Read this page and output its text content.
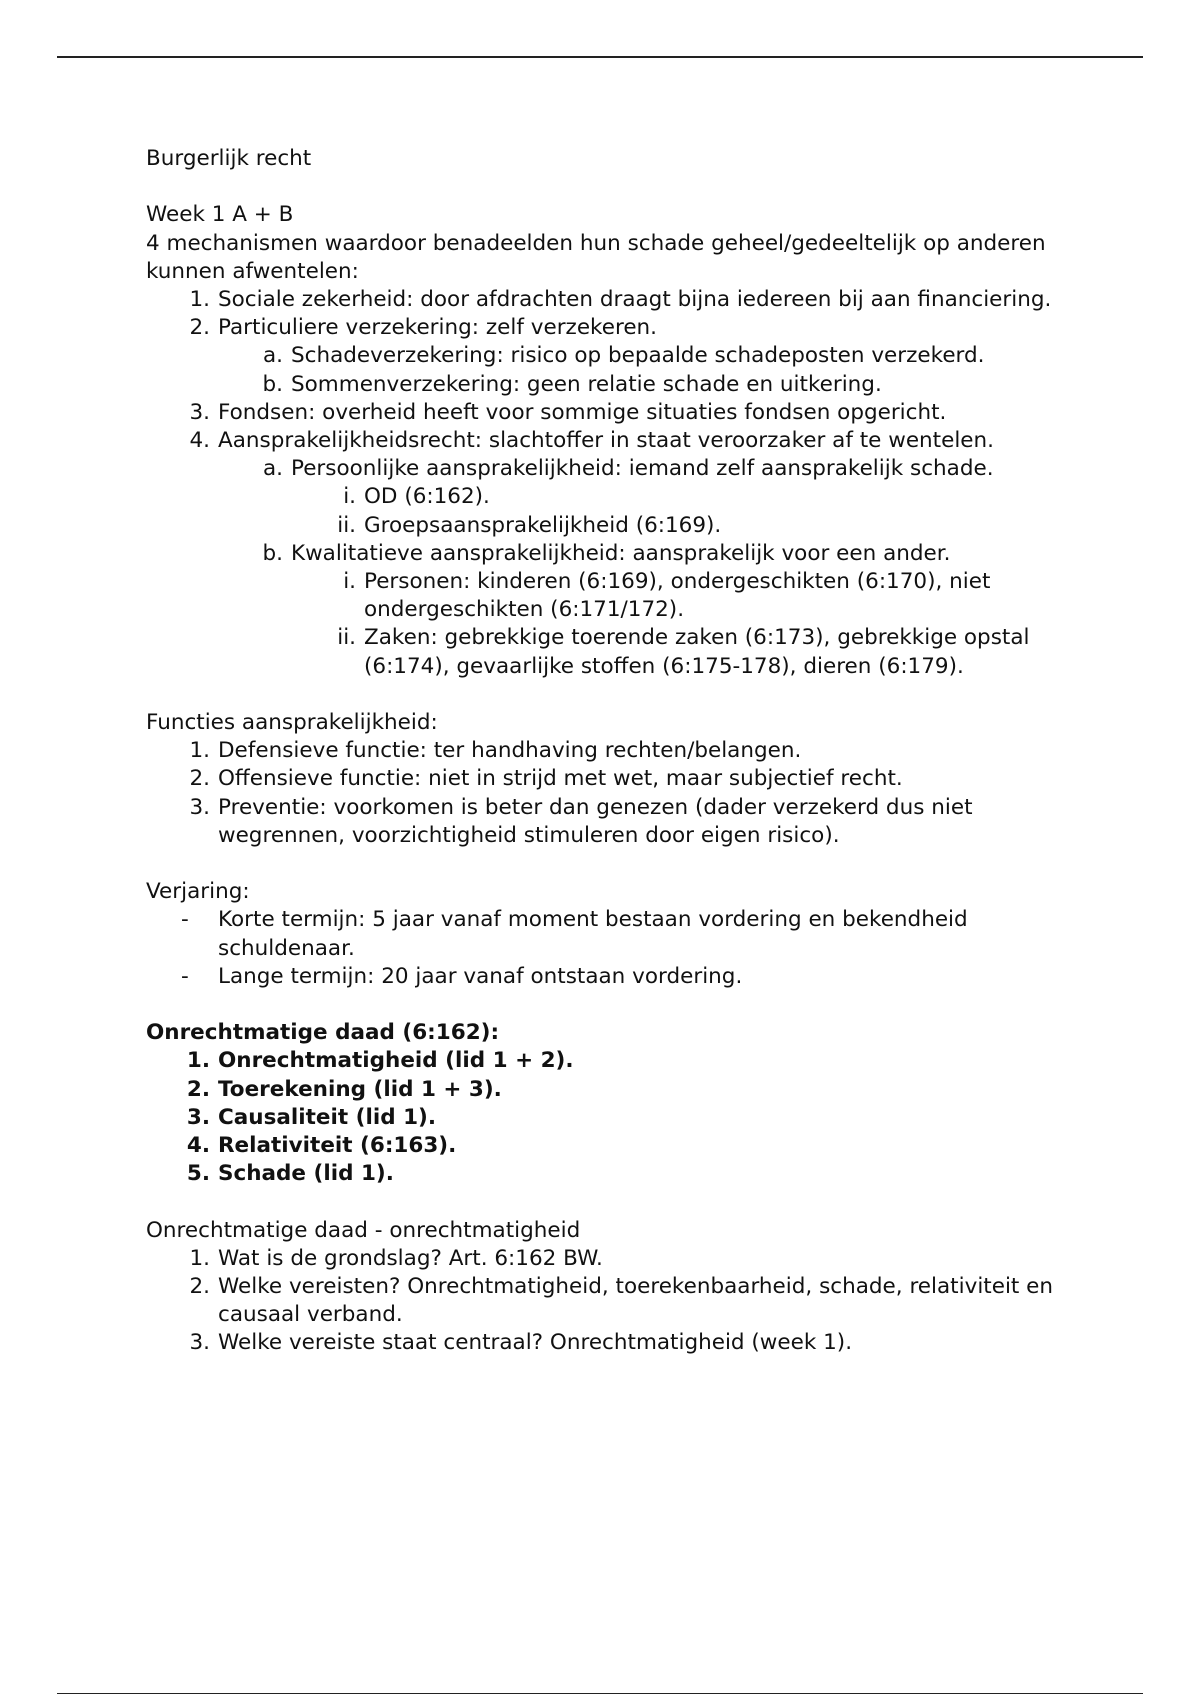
Burgerlijk recht
Week 1 A + B
4 mechanismen waardoor benadeelden hun schade geheel/gedeeltelijk op anderen kunnen afwentelen:
1. Sociale zekerheid: door afdrachten draagt bijna iedereen bij aan financiering.
2. Particuliere verzekering: zelf verzekeren.
a. Schadeverzekering: risico op bepaalde schadeposten verzekerd.
b. Sommenverzekering: geen relatie schade en uitkering.
3. Fondsen: overheid heeft voor sommige situaties fondsen opgericht.
4. Aansprakelijkheidsrecht: slachtoffer in staat veroorzaker af te wentelen.
a. Persoonlijke aansprakelijkheid: iemand zelf aansprakelijk schade.
i. OD (6:162).
ii. Groepsaansprakelijkheid (6:169).
b. Kwalitatieve aansprakelijkheid: aansprakelijk voor een ander.
i. Personen: kinderen (6:169), ondergeschikten (6:170), niet ondergeschikten (6:171/172).
ii. Zaken: gebrekkige toerende zaken (6:173), gebrekkige opstal (6:174), gevaarlijke stoffen (6:175-178), dieren (6:179).
Functies aansprakelijkheid:
1. Defensieve functie: ter handhaving rechten/belangen.
2. Offensieve functie: niet in strijd met wet, maar subjectief recht.
3. Preventie: voorkomen is beter dan genezen (dader verzekerd dus niet wegrennen, voorzichtigheid stimuleren door eigen risico).
Verjaring:
-	Korte termijn: 5 jaar vanaf moment bestaan vordering en bekendheid schuldenaar.
-	Lange termijn: 20 jaar vanaf ontstaan vordering.
Onrechtmatige daad (6:162):
1. Onrechtmatigheid (lid 1 + 2).
2. Toerekening (lid 1 + 3).
3. Causaliteit (lid 1).
4. Relativiteit (6:163).
5. Schade (lid 1).
Onrechtmatige daad - onrechtmatigheid
1. Wat is de grondslag? Art. 6:162 BW.
2. Welke vereisten? Onrechtmatigheid, toerekenbaarheid, schade, relativiteit en causaal verband.
3. Welke vereiste staat centraal? Onrechtmatigheid (week 1).
